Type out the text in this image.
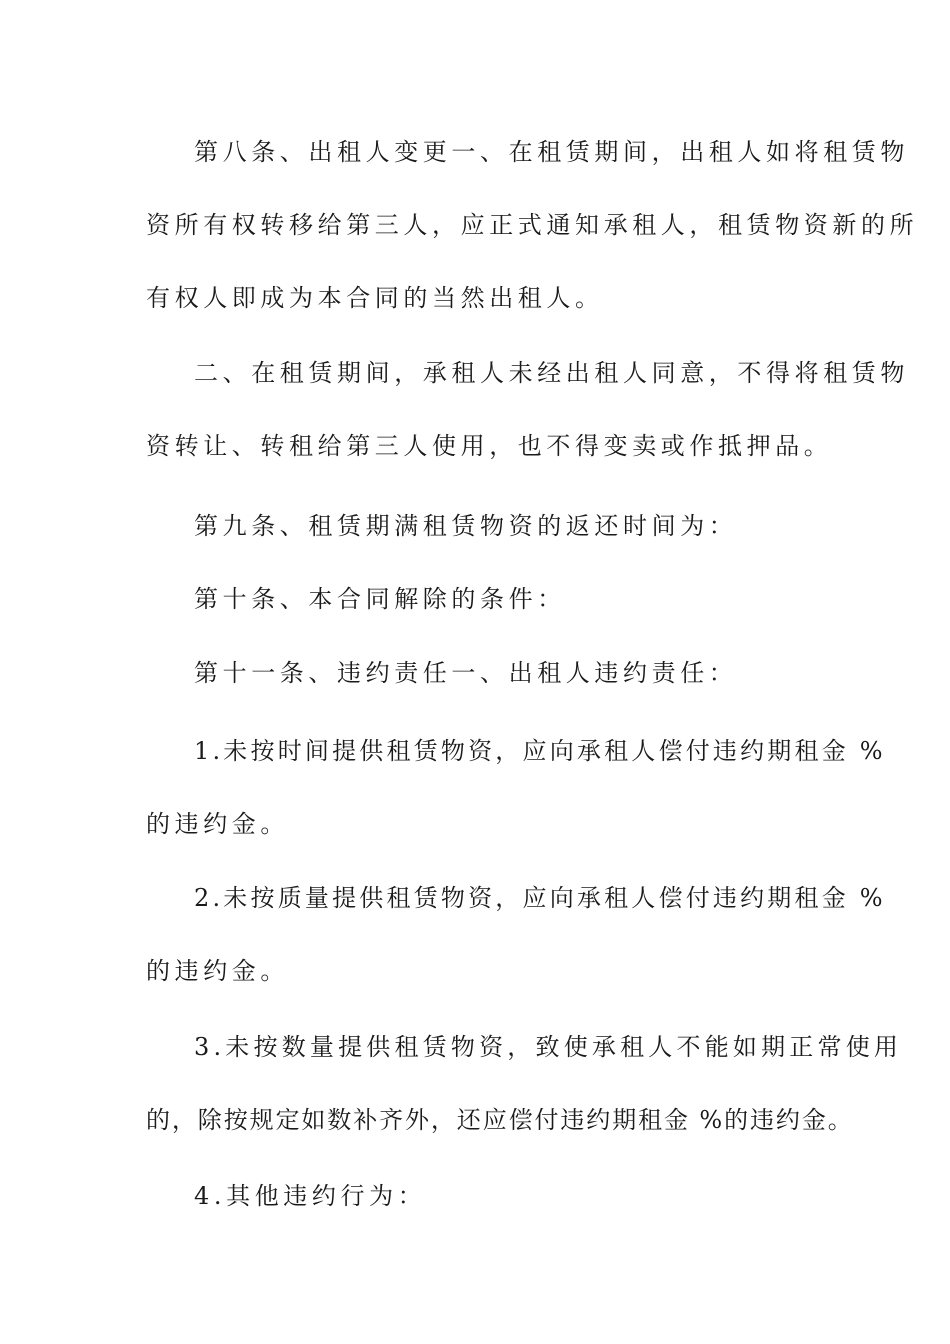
第八条、出租人变更一、在租赁期间，出租人如将租赁物
资所有权转移给第三人，应正式通知承租人，租赁物资新的所
有权人即成为本合同的当然出租人。
二、在租赁期间，承租人未经出租人同意，不得将租赁物
资转让、转租给第三人使用，也不得变卖或作抵押品。
第九条、租赁期满租赁物资的返还时间为：
第十条、本合同解除的条件：
第十一条、违约责任一、出租人违约责任：
1.未按时间提供租赁物资，应向承租人偿付违约期租金 %
的违约金。
2.未按质量提供租赁物资，应向承租人偿付违约期租金 %
的违约金。
3.未按数量提供租赁物资，致使承租人不能如期正常使用
的，除按规定如数补齐外，还应偿付违约期租金 %的违约金。
4.其他违约行为：
